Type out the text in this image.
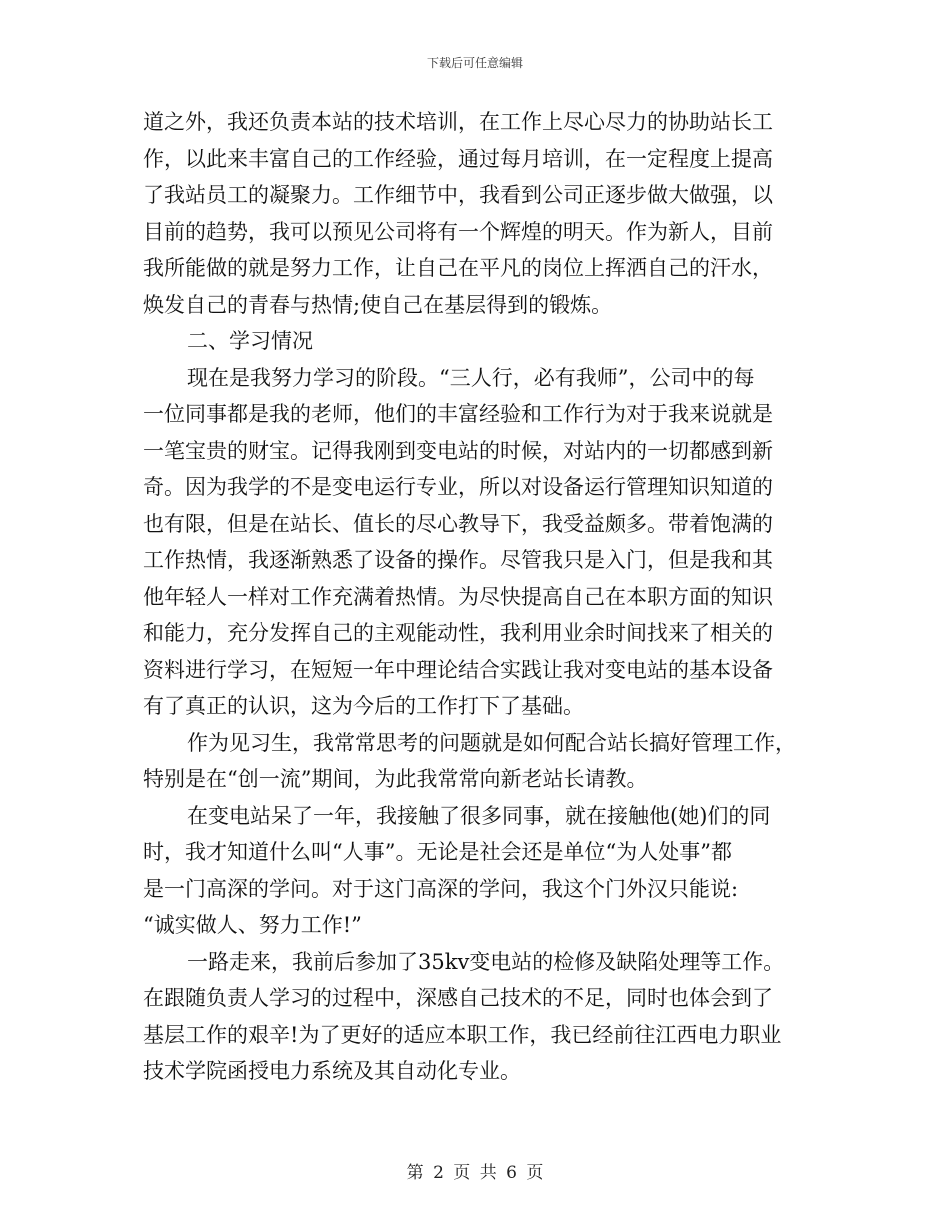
下载后可任意编辑
道之外，我还负责本站的技术培训，在工作上尽心尽力的协助站长工
作，以此来丰富自己的工作经验，通过每月培训，在一定程度上提高
了我站员工的凝聚力。工作细节中，我看到公司正逐步做大做强，以
目前的趋势，我可以预见公司将有一个辉煌的明天。作为新人，目前
我所能做的就是努力工作，让自己在平凡的岗位上挥洒自己的汗水，
焕发自己的青春与热情;使自己在基层得到的锻炼。
二、学习情况
现在是我努力学习的阶段。“三人行，必有我师”，公司中的每
一位同事都是我的老师，他们的丰富经验和工作行为对于我来说就是
一笔宝贵的财宝。记得我刚到变电站的时候，对站内的一切都感到新
奇。因为我学的不是变电运行专业，所以对设备运行管理知识知道的
也有限，但是在站长、值长的尽心教导下，我受益颇多。带着饱满的
工作热情，我逐渐熟悉了设备的操作。尽管我只是入门，但是我和其
他年轻人一样对工作充满着热情。为尽快提高自己在本职方面的知识
和能力，充分发挥自己的主观能动性，我利用业余时间找来了相关的
资料进行学习，在短短一年中理论结合实践让我对变电站的基本设备
有了真正的认识，这为今后的工作打下了基础。
作为见习生，我常常思考的问题就是如何配合站长搞好管理工作，
特别是在“创一流”期间，为此我常常向新老站长请教。
在变电站呆了一年，我接触了很多同事，就在接触他(她)们的同
时，我才知道什么叫“人事”。无论是社会还是单位“为人处事”都
是一门高深的学问。对于这门高深的学问，我这个门外汉只能说:
“诚实做人、努力工作!”
一路走来，我前后参加了35kv变电站的检修及缺陷处理等工作。
在跟随负责人学习的过程中，深感自己技术的不足，同时也体会到了
基层工作的艰辛!为了更好的适应本职工作，我已经前往江西电力职业
技术学院函授电力系统及其自动化专业。
第 2 页 共 6 页
